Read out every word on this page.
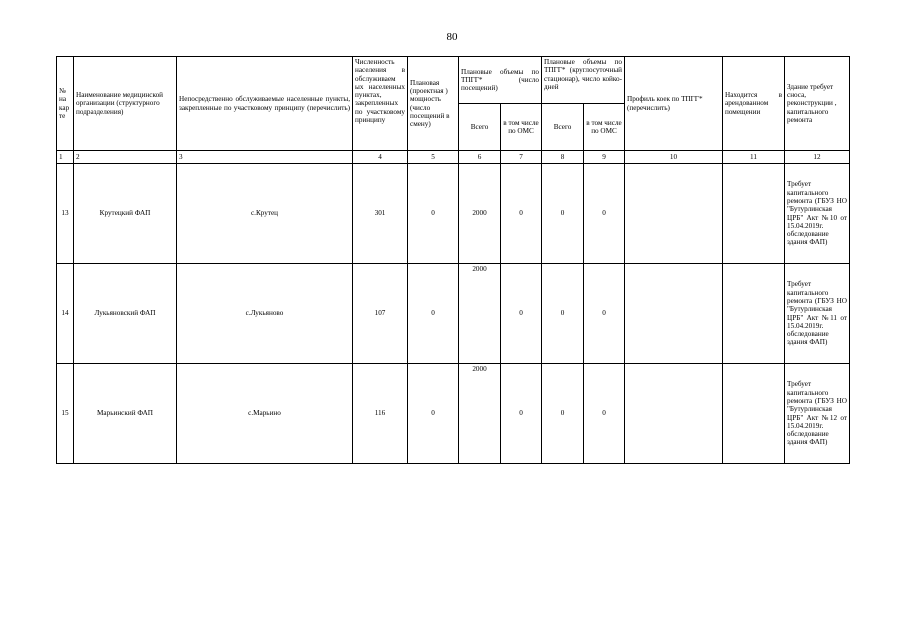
80
№ на кар те	Наименование медицинской организации (структурного подразделения)	Непосредственно обслуживаемые населенные пункты, закрепленные по участковому принципу (перечислить)	Численность населения в обслуживаем ых населенных пунктах, закрепленных по участковому принципу	Плановая (проектная ) мощность (число посещений в смену)	Плановые объемы по ТПГГ* (число посещений)		Плановые объемы по ТПГГ* (круглосуточный стационар), число койко-дней		Профиль коек по ТПГГ* (перечислить)	Находится в арендованном помещении	Здание требует сноса, реконструкции , капитального ремонта
					Всего	в том числе по ОМС	Всего	в том числе по ОМС			
1	2	3	4	5	6	7	8	9	10	11	12
13	Крутецкий ФАП	с.Крутец	301	0	2000	0	0	0			Требует капитального ремонта (ГБУЗ НО "Бутурлинская ЦРБ" Акт №10 от 15.04.2019г. обследование здания ФАП)
14	Лукьяновский ФАП	с.Лукьяново	107	0	2000	0	0	0			Требует капитального ремонта (ГБУЗ НО "Бутурлинская ЦРБ" Акт №11 от 15.04.2019г. обследование здания ФАП)
15	Марьинский ФАП	с.Марьино	116	0	2000	0	0	0			Требует капитального ремонта (ГБУЗ НО "Бутурлинская ЦРБ" Акт №12 от 15.04.2019г. обследование здания ФАП)
